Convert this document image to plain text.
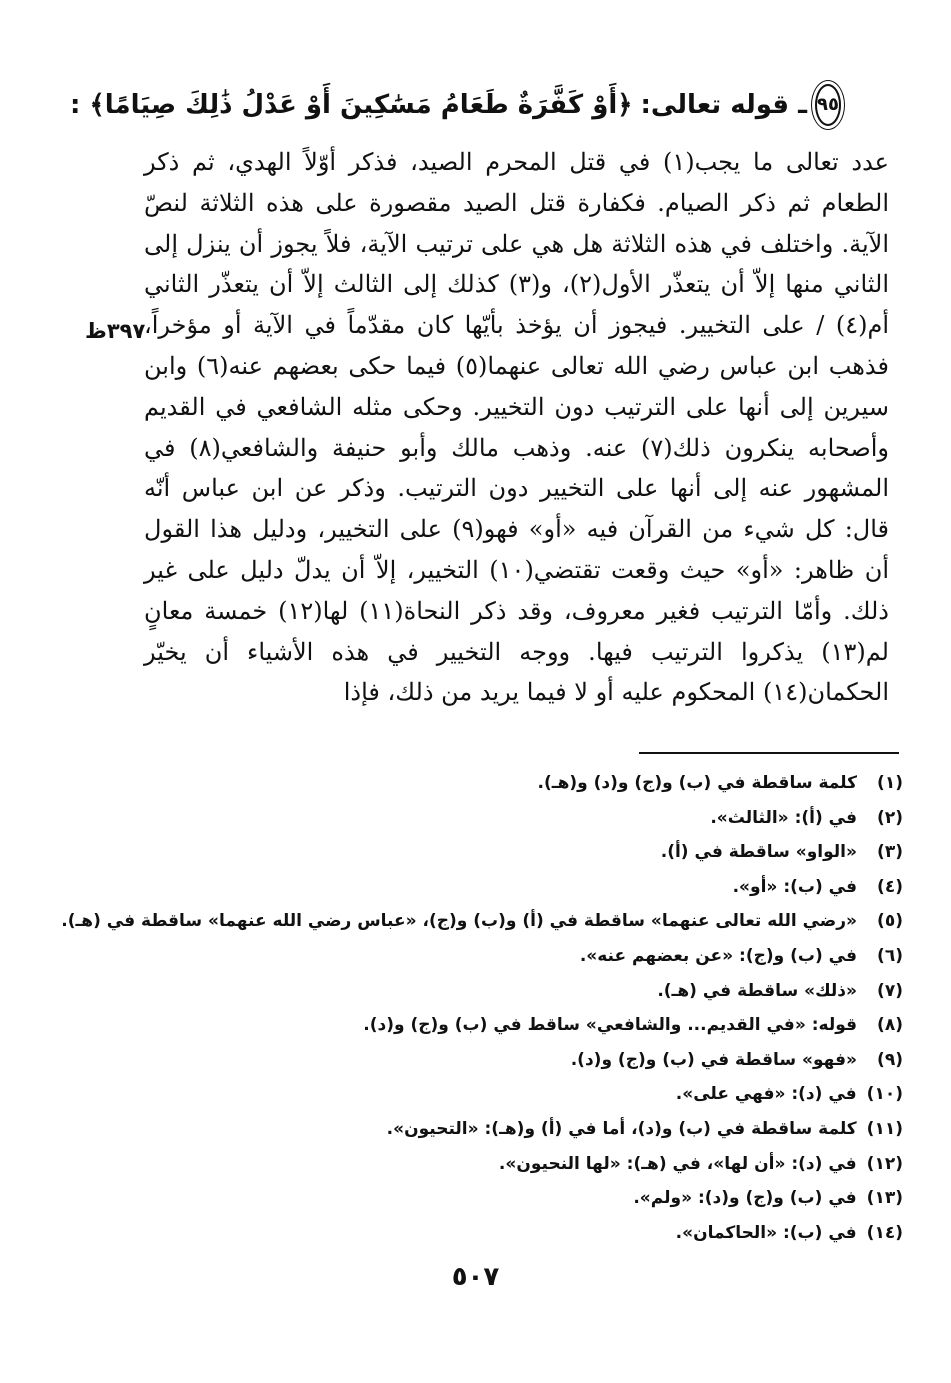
٩٥
ـ قوله تعالى:
﴿أَوْ كَفَّرَةٌ طَعَامُ مَسَٰكِينَ أَوْ عَدْلُ ذَٰلِكَ صِيَامًا﴾ :

عدد تعالى ما يجب(١) في قتل المحرم الصيد، فذكر أوّلاً الهدي، ثم ذكر الطعام ثم ذكر الصيام. فكفارة قتل الصيد مقصورة على هذه الثلاثة لنصّ الآية. واختلف في هذه الثلاثة هل هي على ترتيب الآية، فلاً يجوز أن ينزل إلى الثاني منها إلاّ أن يتعذّر الأول(٢)، و(٣) كذلك إلى الثالث إلاّ أن يتعذّر الثاني أم(٤) / على التخيير. فيجوز أن يؤخذ بأيّها كان مقدّماً في الآية أو مؤخراً، فذهب ابن عباس رضي الله تعالى عنهما(٥) فيما حكى بعضهم عنه(٦) وابن سيرين إلى أنها على الترتيب دون التخيير. وحكى مثله الشافعي في القديم وأصحابه ينكرون ذلك(٧) عنه. وذهب مالك وأبو حنيفة والشافعي(٨) في المشهور عنه إلى أنها على التخيير دون الترتيب. وذكر عن ابن عباس أنّه قال: كل شيء من القرآن فيه «أو» فهو(٩) على التخيير، ودليل هذا القول أن ظاهر: «أو» حيث وقعت تقتضي(١٠) التخيير، إلاّ أن يدلّ دليل على غير ذلك. وأمّا الترتيب فغير معروف، وقد ذكر النحاة(١١) لها(١٢) خمسة معانٍ لم(١٣) يذكروا الترتيب فيها. ووجه التخيير في هذه الأشياء أن يخيّر الحكمان(١٤) المحكوم عليه أو لا فيما يريد من ذلك، فإذا

٣٩٧ظ
(١)
كلمة ساقطة في (ب) و(ج) و(د) و(هـ).
(٢)
في (أ): «الثالث».
(٣)
«الواو» ساقطة في (أ).
(٤)
في (ب): «أو».
(٥)
«رضي الله تعالى عنهما» ساقطة في (أ) و(ب) و(ج)، «عباس رضي الله عنهما» ساقطة في (هـ).
(٦)
في (ب) و(ج): «عن بعضهم عنه».
(٧)
«ذلك» ساقطة في (هـ).
(٨)
قوله: «في القديم... والشافعي» ساقط في (ب) و(ج) و(د).
(٩)
«فهو» ساقطة في (ب) و(ج) و(د).
(١٠)
في (د): «فهي على».
(١١)
كلمة ساقطة في (ب) و(د)، أما في (أ) و(هـ): «التحيون».
(١٢)
في (د): «أن لها»، في (هـ): «لها النحيون».
(١٣)
في (ب) و(ج) و(د): «ولم».
(١٤)
في (ب): «الحاكمان».
٥٠٧
